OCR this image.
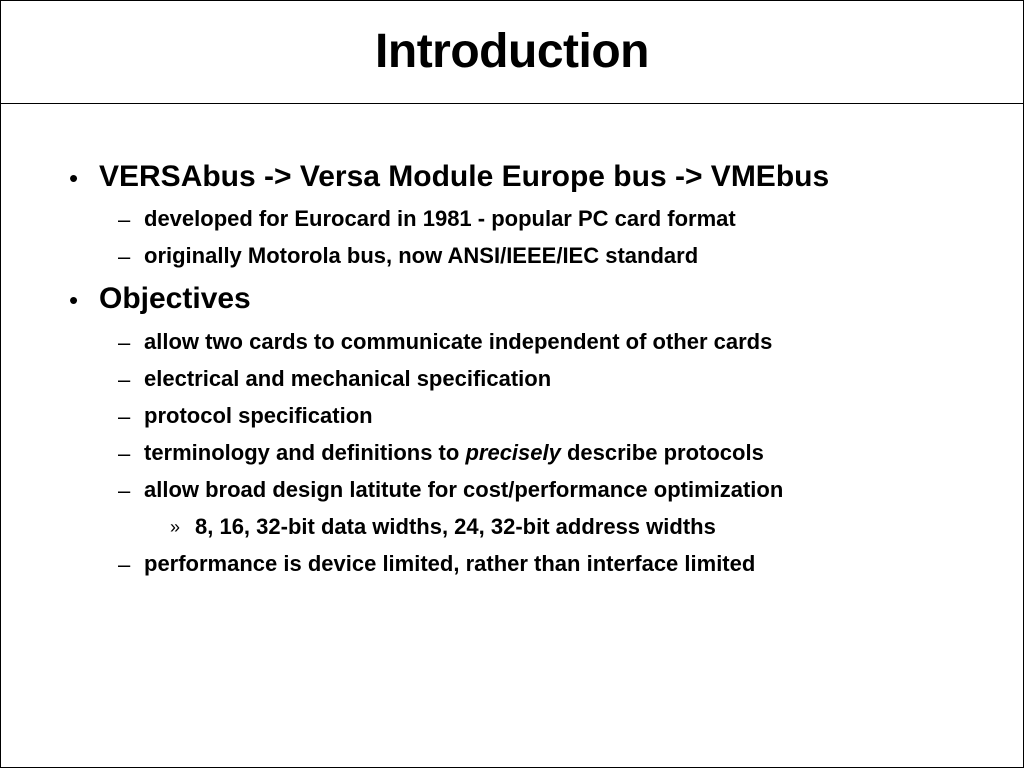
Introduction
• VERSAbus -> Versa Module Europe bus -> VMEbus
– developed for Eurocard in 1981 - popular PC card format
– originally Motorola bus, now ANSI/IEEE/IEC standard
• Objectives
– allow two cards to communicate independent of other cards
– electrical and mechanical specification
– protocol specification
– terminology and definitions to precisely describe protocols
– allow broad design latitute for cost/performance optimization
» 8, 16, 32-bit data widths, 24, 32-bit address widths
– performance is device limited, rather than interface limited
